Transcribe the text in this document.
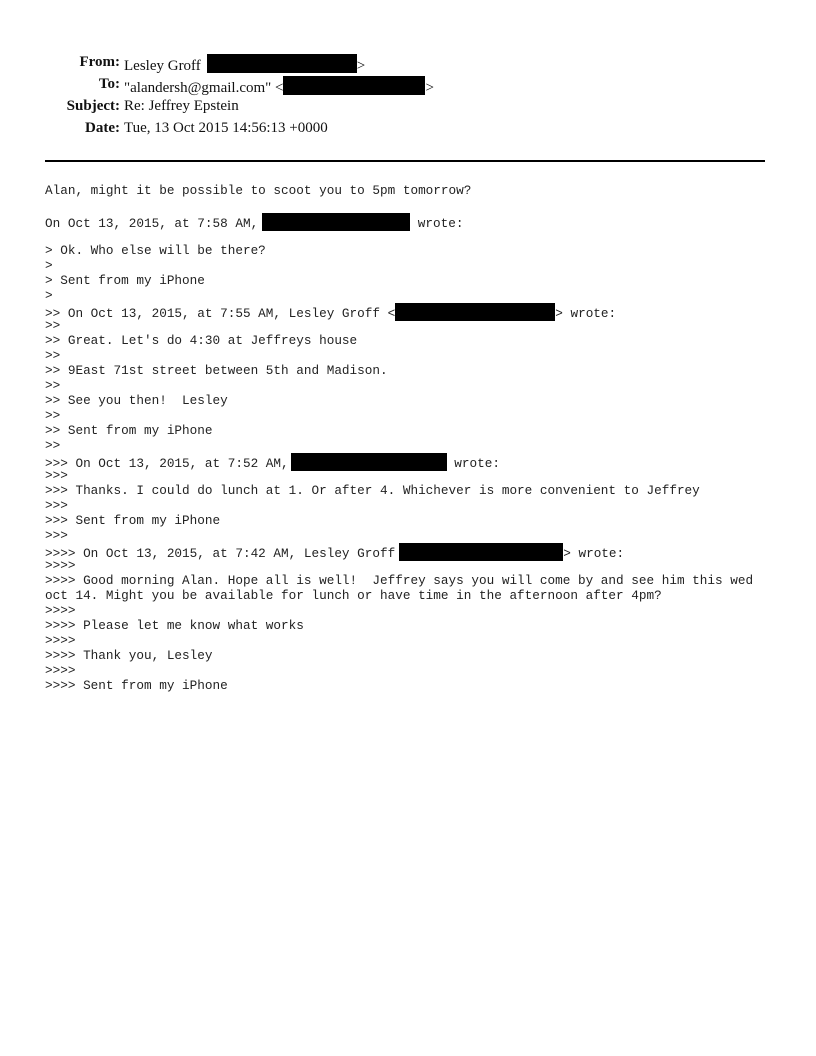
From: Lesley Groff	>
To: "alandersh@gmail.com" <	>
Subject: Re: Jeffrey Epstein
Date: Tue, 13 Oct 2015 14:56:13 +0000

Alan, might it be possible to scoot you to 5pm tomorrow?

On Oct 13, 2015, at 7:58 AM,	wrote:

> Ok. Who else will be there?

>

> Sent from my iPhone

>

>> On Oct 13, 2015, at 7:55 AM, Lesley Groff <	> wrote:

>>

>> Great. Let's do 4:30 at Jeffreys house

>>

>> 9East 71st street between 5th and Madison.

>>

>> See you then!  Lesley

>>

>> Sent from my iPhone

>>

>>> On Oct 13, 2015, at 7:52 AM,	wrote:

>>>

>>> Thanks. I could do lunch at 1. Or after 4. Whichever is more convenient to Jeffrey

>>>

>>> Sent from my iPhone

>>>

>>>> On Oct 13, 2015, at 7:42 AM, Lesley Groff	> wrote:

>>>>

>>>> Good morning Alan. Hope all is well!  Jeffrey says you will come by and see him this wed

oct 14. Might you be available for lunch or have time in the afternoon after 4pm?

>>>>

>>>> Please let me know what works

>>>>

>>>> Thank you, Lesley

>>>>

>>>> Sent from my iPhone
